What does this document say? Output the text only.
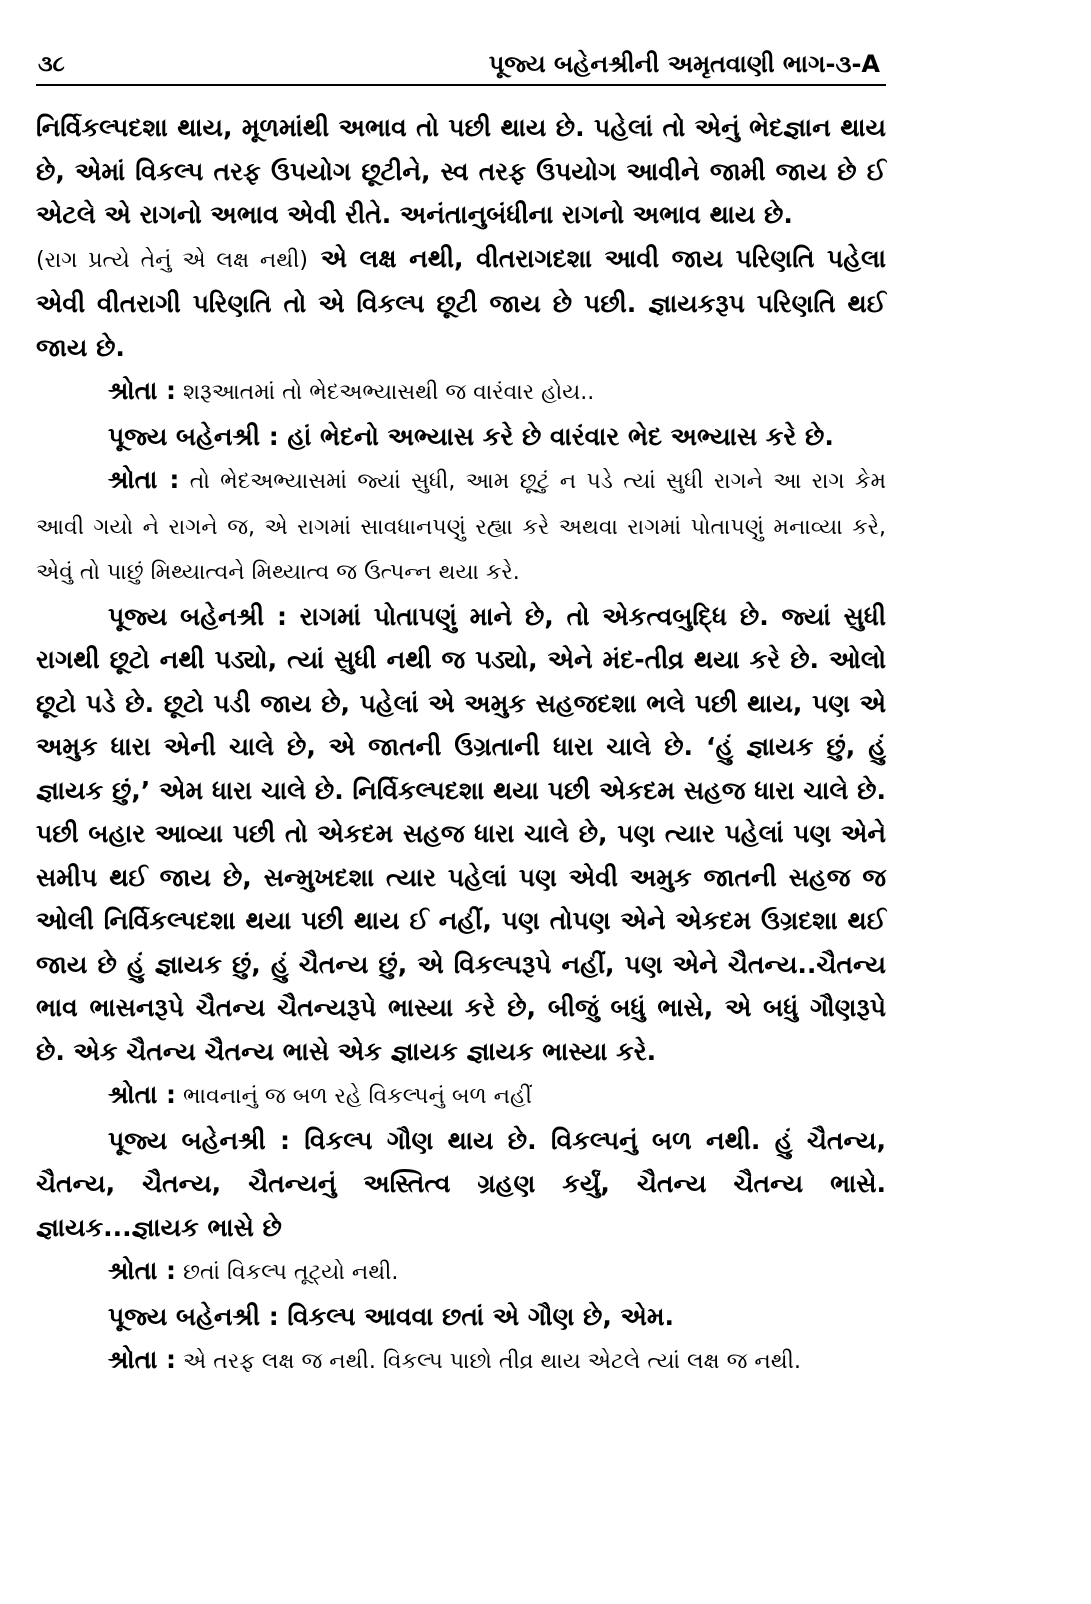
૩૮	પૂજ્ય બહેનશ્રીની અમૃતવાણી ભાગ-૩-A

નિર્વિકલ્પદશા થાય, મૂળમાંથી અભાવ તો પછી થાય છે. પહેલાં તો એનું ભેદજ્ઞાન થાય છે, એમાં વિકલ્પ તરફ ઉપયોગ છૂટીને, સ્વ તરફ ઉપયોગ આવીને જામી જાય છે ઈ એટલે એ રાગનો અભાવ એવી રીતે. અનંતાનુબંધીના રાગનો અભાવ થાય છે.
(રાગ પ્રત્યે તેનું એ લક્ષ નથી) એ લક્ષ નથી, વીતરાગદશા આવી જાય પરિણતિ પહેલા એવી વીતરાગી પરિણતિ તો એ વિકલ્પ છૂટી જાય છે પછી. જ્ઞાયકરૂપ પરિણતિ થઈ જાય છે.

શ્રોતા : શરૂઆતમાં તો ભેદઅભ્યાસથી જ વારંવાર હોય..

પૂજ્ય બહેનશ્રી : હાં ભેદનો અભ્યાસ કરે છે વારંવાર ભેદ અભ્યાસ કરે છે.

શ્રોતા : તો ભેદઅભ્યાસમાં જ્યાં સુધી, આમ છૂટું ન પડે ત્યાં સુધી રાગને આ રાગ કેમ આવી ગયો ને રાગને જ, એ રાગમાં સાવધાનપણું રહ્યા કરે અથવા રાગમાં પોતાપણું મનાવ્યા કરે, એવું તો પાછું મિથ્યાત્વને મિથ્યાત્વ જ ઉત્પન્ન થયા કરે.

પૂજ્ય બહેનશ્રી : રાગમાં પોતાપણું માને છે, તો એકત્વબુદ્ધિ છે. જ્યાં સુધી રાગથી છૂટો નથી પડ્યો, ત્યાં સુધી નથી જ પડ્યો, એને મંદ-તીવ્ર થયા કરે છે. ઓલો છૂટો પડે છે. છૂટો પડી જાય છે, પહેલાં એ અમુક સહજદશા ભલે પછી થાય, પણ એ અમુક ધારા એની ચાલે છે, એ જાતની ઉગ્રતાની ધારા ચાલે છે. ‘હું જ્ઞાયક છું, હું જ્ઞાયક છું,’ એમ ધારા ચાલે છે. નિર્વિકલ્પદશા થયા પછી એકદમ સહજ ધારા ચાલે છે. પછી બહાર આવ્યા પછી તો એકદમ સહજ ધારા ચાલે છે, પણ ત્યાર પહેલાં પણ એને સમીપ થઈ જાય છે, સન્મુખદશા ત્યાર પહેલાં પણ એવી અમુક જાતની સહજ જ ઓલી નિર્વિકલ્પદશા થયા પછી થાય ઈ નહીં, પણ તોપણ એને એકદમ ઉગ્રદશા થઈ જાય છે હું જ્ઞાયક છું, હું ચૈતન્ય છું, એ વિકલ્પરૂપે નહીં, પણ એને ચૈતન્ય..ચૈતન્ય ભાવ ભાસનરૂપે ચૈતન્ય ચૈતન્યરૂપે ભાસ્યા કરે છે, બીજું બધું ભાસે, એ બધું ગૌણરૂપે છે. એક ચૈતન્ય ચૈતન્ય ભાસે એક જ્ઞાયક જ્ઞાયક ભાસ્યા કરે.

શ્રોતા : ભાવનાનું જ બળ રહે વિકલ્પનું બળ નહીં

પૂજ્ય બહેનશ્રી : વિકલ્પ ગૌણ થાય છે. વિકલ્પનું બળ નથી. હું ચૈતન્ય, ચૈતન્ય, ચૈતન્ય, ચૈતન્યનું અસ્તિત્વ ગ્રહણ કર્યું, ચૈતન્ય ચૈતન્ય ભાસે. જ્ઞાયક...જ્ઞાયક ભાસે છે

શ્રોતા : છતાં વિકલ્પ તૂટ્યો નથી.

પૂજ્ય બહેનશ્રી : વિકલ્પ આવવા છતાં એ ગૌણ છે, એમ.

શ્રોતા : એ તરફ લક્ષ જ નથી. વિકલ્પ પાછો તીવ્ર થાય એટલે ત્યાં લક્ષ જ નથી.
